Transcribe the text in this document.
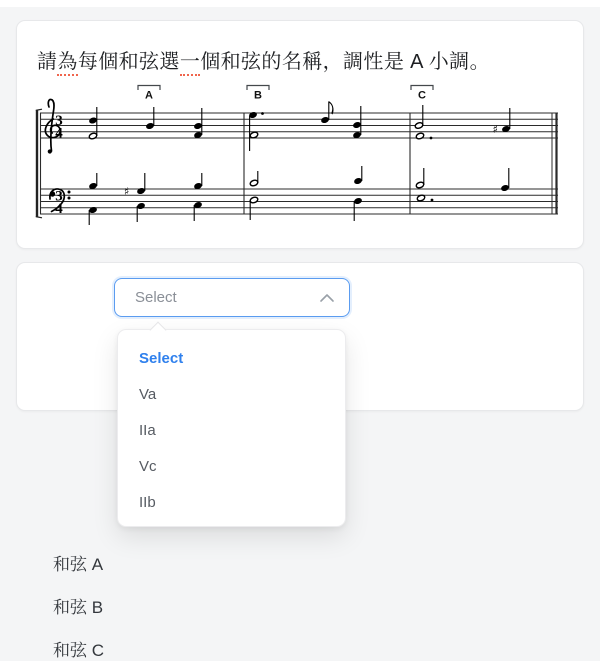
請為每個和弦選一個和弦的名稱，調性是 A 小調。
3
4
3
4
A	B	C
♯
♯
和弦 A
和弦 B
和弦 C
Select
Select
Va
IIa
Vc
IIb
